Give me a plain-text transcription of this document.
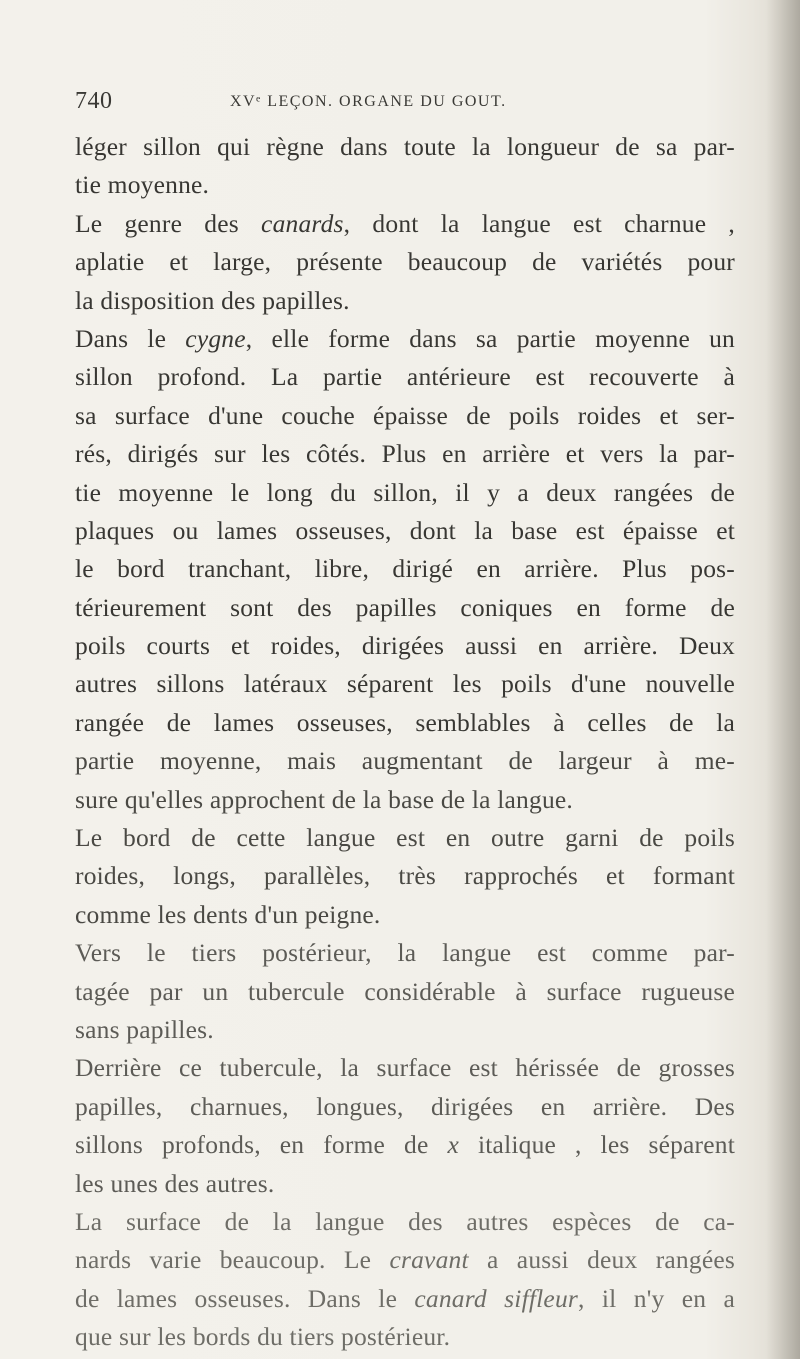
740	XVᵉ LEÇON. ORGANE DU GOUT.
léger sillon qui règne dans toute la longueur de sa par-
tie moyenne.
Le genre des canards, dont la langue est charnue ,
aplatie et large, présente beaucoup de variétés pour
la disposition des papilles.
Dans le cygne, elle forme dans sa partie moyenne un
sillon profond. La partie antérieure est recouverte à
sa surface d'une couche épaisse de poils roides et ser-
rés, dirigés sur les côtés. Plus en arrière et vers la par-
tie moyenne le long du sillon, il y a deux rangées de
plaques ou lames osseuses, dont la base est épaisse et
le bord tranchant, libre, dirigé en arrière. Plus pos-
térieurement sont des papilles coniques en forme de
poils courts et roides, dirigées aussi en arrière. Deux
autres sillons latéraux séparent les poils d'une nouvelle
rangée de lames osseuses, semblables à celles de la
partie moyenne, mais augmentant de largeur à me-
sure qu'elles approchent de la base de la langue.
Le bord de cette langue est en outre garni de poils
roides, longs, parallèles, très rapprochés et formant
comme les dents d'un peigne.
Vers le tiers postérieur, la langue est comme par-
tagée par un tubercule considérable à surface rugueuse
sans papilles.
Derrière ce tubercule, la surface est hérissée de grosses
papilles, charnues, longues, dirigées en arrière. Des
sillons profonds, en forme de x italique , les séparent
les unes des autres.
La surface de la langue des autres espèces de ca-
nards varie beaucoup. Le cravant a aussi deux rangées
de lames osseuses. Dans le canard siffleur, il n'y en a
que sur les bords du tiers postérieur.
